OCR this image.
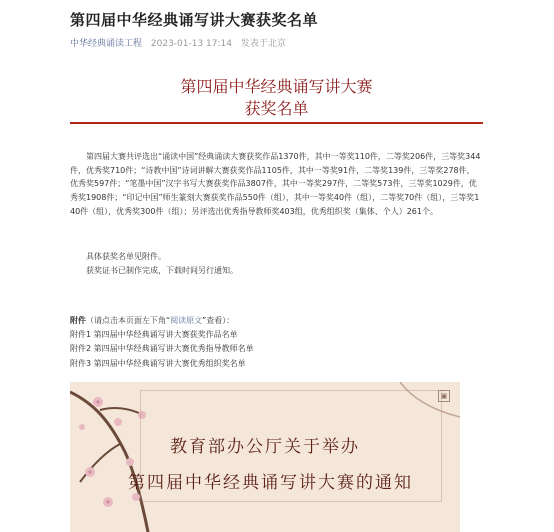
第四届中华经典诵写讲大赛获奖名单
中华经典诵读工程 2023-01-13 17:14 发表于北京
第四届中华经典诵写讲大赛
获奖名单

第四届大赛共评选出“诵读中国”经典诵读大赛获奖作品1370件，其中一等奖110件，二等奖206件，三等奖344件，优秀奖710件；“诗教中国”诗词讲解大赛获奖作品1105件，其中一等奖91件，二等奖139件，三等奖278件，优秀奖597件；“笔墨中国”汉字书写大赛获奖作品3807件，其中一等奖297件，二等奖573件，三等奖1029件，优秀奖1908件；“印记中国”师生篆刻大赛获奖作品550件（组），其中一等奖40件（组），二等奖70件（组），三等奖140件（组），优秀奖300件（组）；另评选出优秀指导教师奖403组，优秀组织奖（集体、个人）261个。

具体获奖名单见附件。

获奖证书已制作完成，下载时间另行通知。

附件（请点击本页面左下角“阅读原文”查看）：
附件1 第四届中华经典诵写讲大赛获奖作品名单
附件2 第四届中华经典诵写讲大赛优秀指导教师名单
附件3 第四届中华经典诵写讲大赛优秀组织奖名单
▣
教育部办公厅关于举办
第四届中华经典诵写讲大赛的通知
